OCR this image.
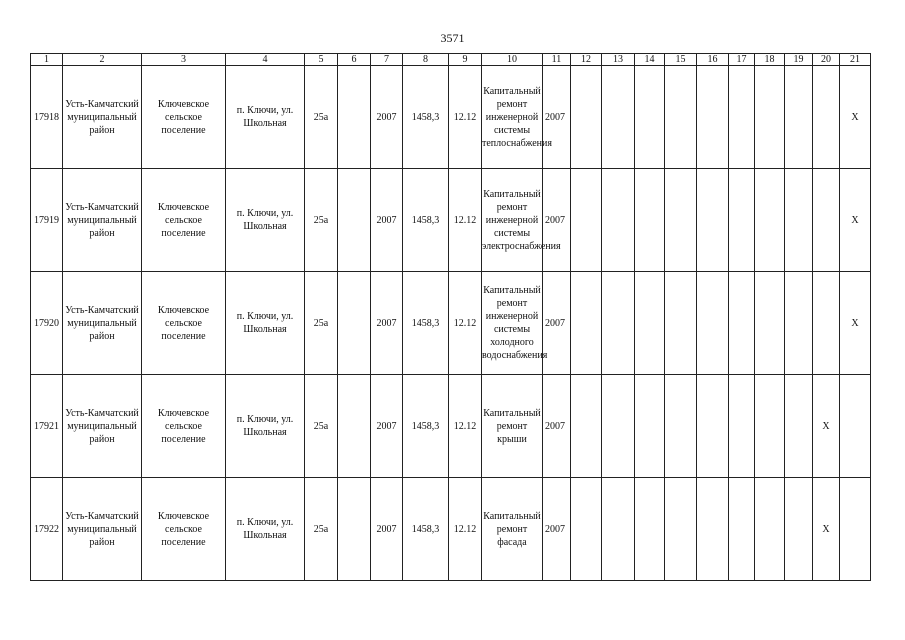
3571
1	2	3	4	5	6	7	8	9	10	11	12	13	14	15	16	17	18	19	20	21
17918	Усть-Камчатский муниципальный район	Ключевское сельское поселение	п. Ключи, ул. Школьная	25а		2007	1458,3	12.12	Капитальный ремонт инженерной системы теплоснабжения	2007										X
17919	Усть-Камчатский муниципальный район	Ключевское сельское поселение	п. Ключи, ул. Школьная	25а		2007	1458,3	12.12	Капитальный ремонт инженерной системы электроснабжения	2007										X
17920	Усть-Камчатский муниципальный район	Ключевское сельское поселение	п. Ключи, ул. Школьная	25а		2007	1458,3	12.12	Капитальный ремонт инженерной системы холодного водоснабжения	2007										X
17921	Усть-Камчатский муниципальный район	Ключевское сельское поселение	п. Ключи, ул. Школьная	25а		2007	1458,3	12.12	Капитальный ремонт крыши	2007									X	
17922	Усть-Камчатский муниципальный район	Ключевское сельское поселение	п. Ключи, ул. Школьная	25а		2007	1458,3	12.12	Капитальный ремонт фасада	2007									X	
